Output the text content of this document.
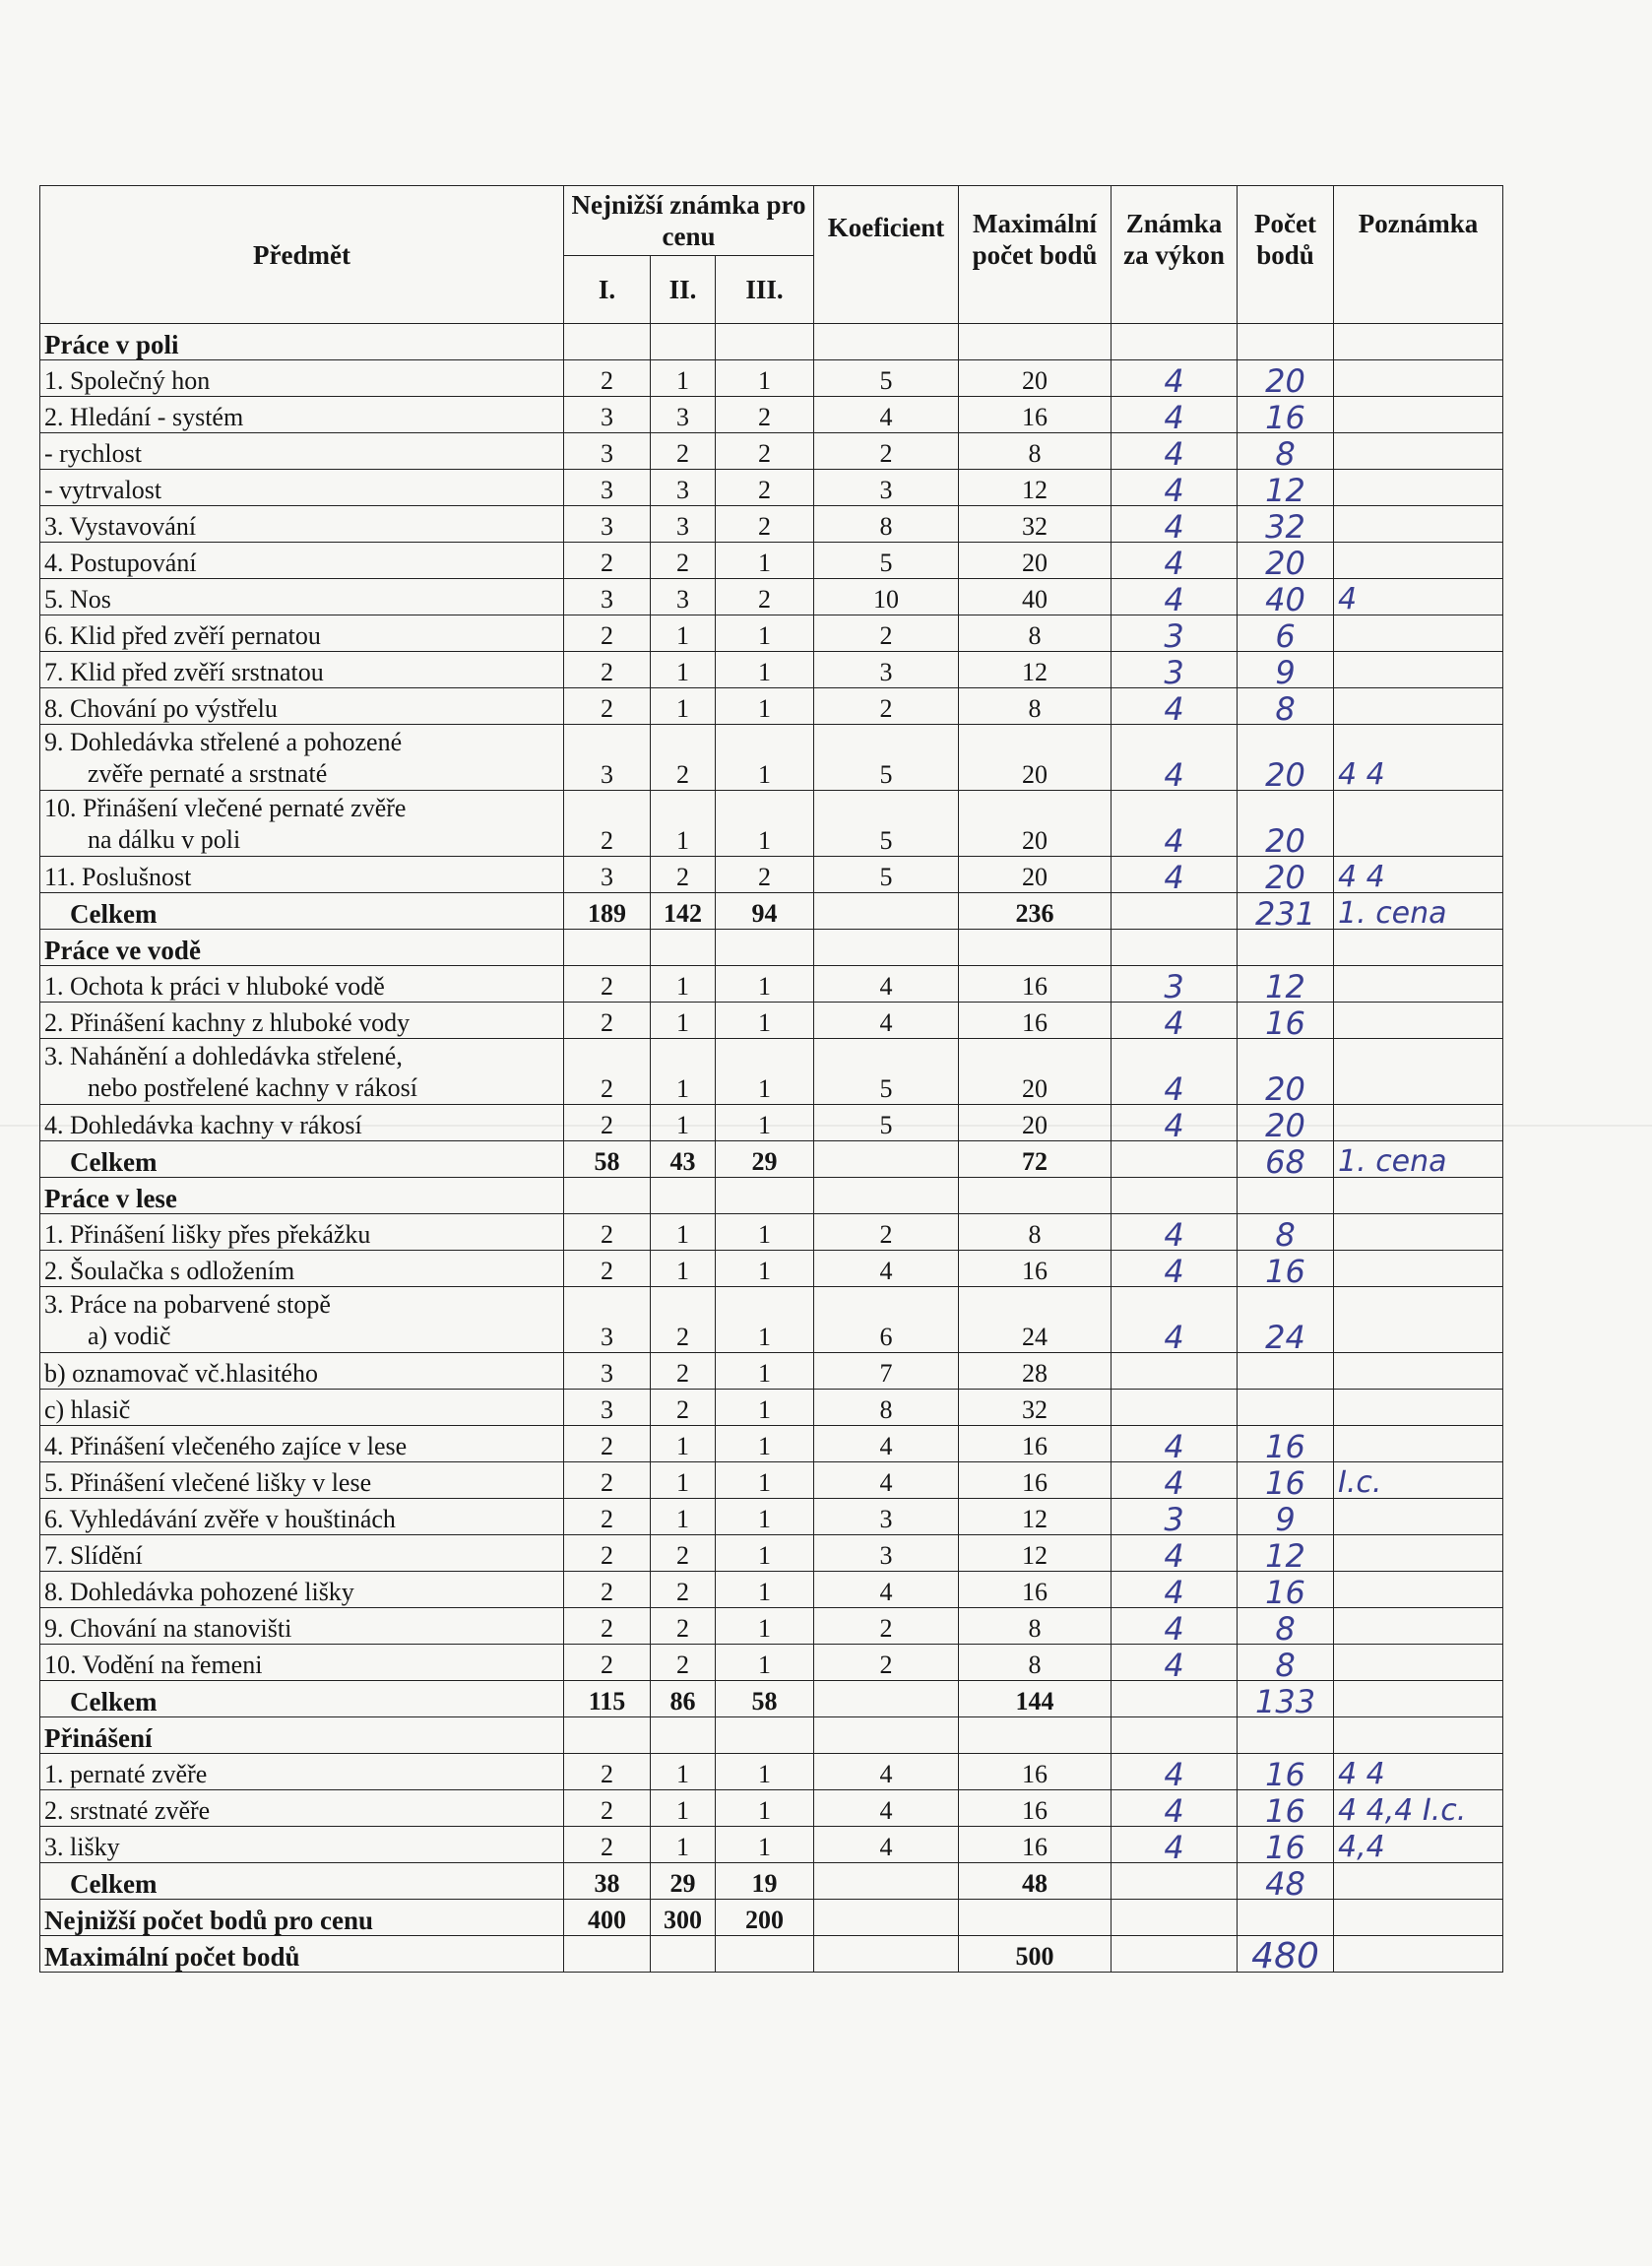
Předmět	Nejnižší známka pro cenu			Koeficient	Maximální počet bodů	Známka za výkon	Počet bodů	Poznámka
	I.	II.	III.					
Práce v poli								
1. Společný hon	2	1	1	5	20	4	20	
2. Hledání - systém	3	3	2	4	16	4	16	
- rychlost	3	2	2	2	8	4	8	
- vytrvalost	3	3	2	3	12	4	12	
3. Vystavování	3	3	2	8	32	4	32	
4. Postupování	2	2	1	5	20	4	20	
5. Nos	3	3	2	10	40	4	40	4
6. Klid před zvěří pernatou	2	1	1	2	8	3	6	
7. Klid před zvěří srstnatou	2	1	1	3	12	3	9	
8. Chování po výstřelu	2	1	1	2	8	4	8	

9. Dohledávka střelené a pohozené
zvěře pernaté a srstnaté	3	2	1	5	20	4	20	4 4

10. Přinášení vlečené pernaté zvěře
na dálku v poli	2	1	1	5	20	4	20	
11. Poslušnost	3	2	2	5	20	4	20	4 4
Celkem	189	142	94		236		231	1. cena
Práce ve vodě								
1. Ochota k práci v hluboké vodě	2	1	1	4	16	3	12	
2. Přinášení kachny z hluboké vody	2	1	1	4	16	4	16	

3. Nahánění a dohledávka střelené,
nebo postřelené kachny v rákosí	2	1	1	5	20	4	20	
4. Dohledávka kachny v rákosí	2	1	1	5	20	4	20	
Celkem	58	43	29		72		68	1. cena
Práce v lese								
1. Přinášení lišky přes překážku	2	1	1	2	8	4	8	
2. Šoulačka s odložením	2	1	1	4	16	4	16	

3. Práce na pobarvené stopě
a) vodič	3	2	1	6	24	4	24	
b) oznamovač vč.hlasitého	3	2	1	7	28			
c) hlasič	3	2	1	8	32			
4. Přinášení vlečeného zajíce v lese	2	1	1	4	16	4	16	
5. Přinášení vlečené lišky v lese	2	1	1	4	16	4	16	I.c.
6. Vyhledávání zvěře v houštinách	2	1	1	3	12	3	9	
7. Slídění	2	2	1	3	12	4	12	
8. Dohledávka pohozené lišky	2	2	1	4	16	4	16	
9. Chování na stanovišti	2	2	1	2	8	4	8	
10. Vodění na řemeni	2	2	1	2	8	4	8	
Celkem	115	86	58		144		133	
Přinášení								
1. pernaté zvěře	2	1	1	4	16	4	16	4 4
2. srstnaté zvěře	2	1	1	4	16	4	16	4 4,4 I.c.
3. lišky	2	1	1	4	16	4	16	4,4
Celkem	38	29	19		48		48	
Nejnižší počet bodů pro cenu	400	300	200					
Maximální počet bodů					500		480	
